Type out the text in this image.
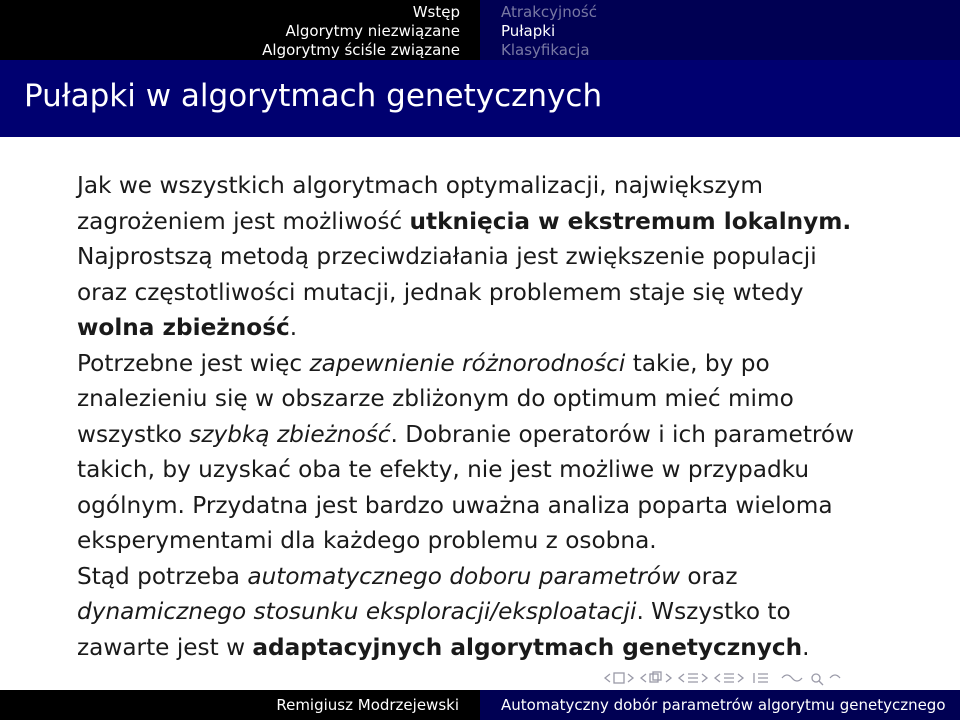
Wstęp
Algorytmy niezwiązane
Algorytmy ściśle związane
Atrakcyjność
Pułapki
Klasyfikacja
Pułapki w algorytmach genetycznych
Jak we wszystkich algorytmach optymalizacji, największym
zagrożeniem jest możliwość utknięcia w ekstremum lokalnym.
Najprostszą metodą przeciwdziałania jest zwiększenie populacji
oraz częstotliwości mutacji, jednak problemem staje się wtedy
wolna zbieżność.
Potrzebne jest więc zapewnienie różnorodności takie, by po
znalezieniu się w obszarze zbliżonym do optimum mieć mimo
wszystko szybką zbieżność. Dobranie operatorów i ich parametrów
takich, by uzyskać oba te efekty, nie jest możliwe w przypadku
ogólnym. Przydatna jest bardzo uważna analiza poparta wieloma
eksperymentami dla każdego problemu z osobna.
Stąd potrzeba automatycznego doboru parametrów oraz
dynamicznego stosunku eksploracji/eksploatacji. Wszystko to
zawarte jest w adaptacyjnych algorytmach genetycznych.
Remigiusz Modrzejewski	Automatyczny dobór parametrów algorytmu genetycznego
